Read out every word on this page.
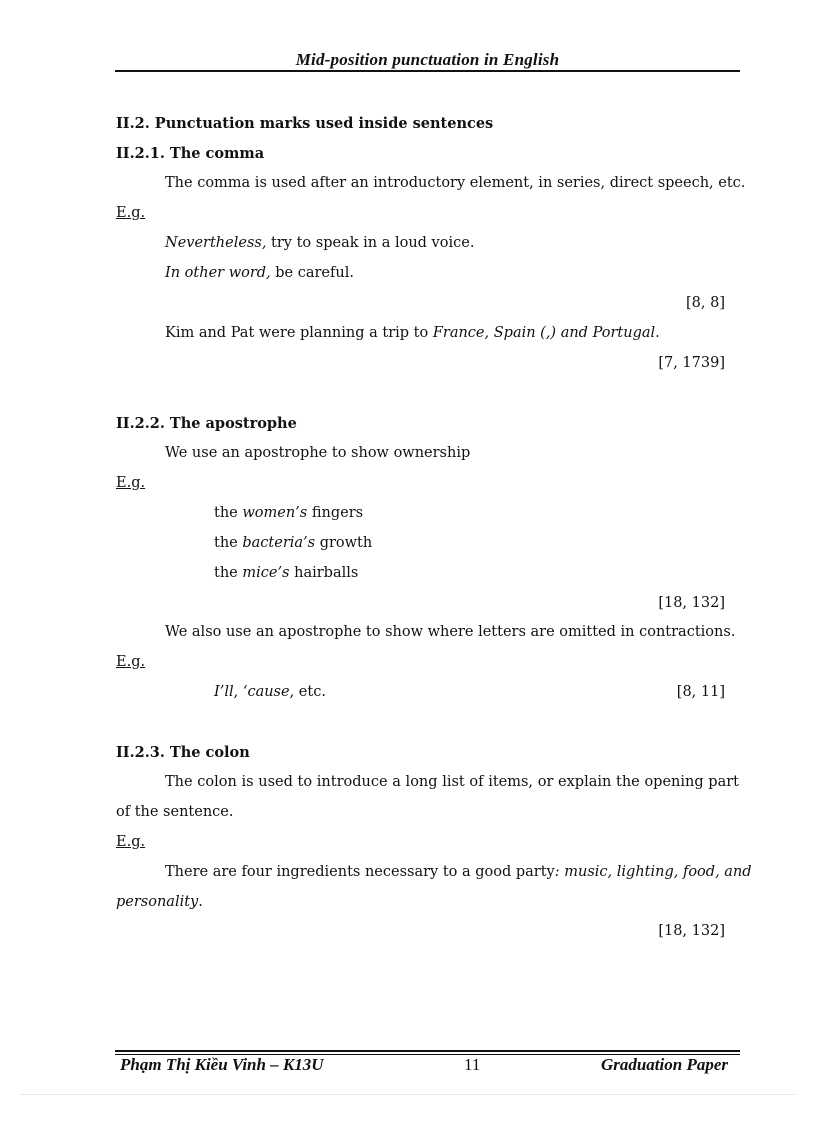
Mid-position punctuation in English
II.2. Punctuation marks used inside sentences
II.2.1. The comma
The comma is used after an introductory element, in series, direct speech, etc.
E.g.
Nevertheless, try to speak in a loud voice.
In other word, be careful.
[8, 8]
Kim and Pat were planning a trip to France, Spain (,) and Portugal.
[7, 1739]
II.2.2. The apostrophe
We use an apostrophe to show ownership
E.g.
the women’s fingers
the bacteria’s growth
the mice’s hairballs
[18, 132]
We also use an apostrophe to show where letters are omitted in contractions.
E.g.
I’ll, ‘cause, etc.	[8, 11]
II.2.3. The colon
The colon is used to introduce a long list of items, or explain the opening part
of the sentence.
E.g.
There are four ingredients necessary to a good party: music, lighting, food, and
personality.
[18, 132]
Phạm Thị Kiều Vinh – K13U	11	Graduation Paper
